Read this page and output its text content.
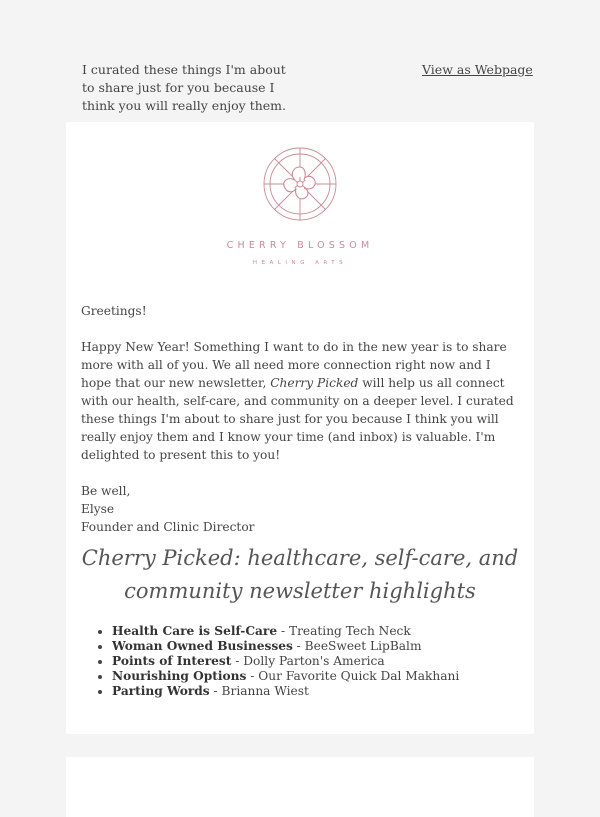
I curated these things I'm about to share just for you because I think you will really enjoy them.
View as Webpage
CHERRY BLOSSOM
HEALING ARTS

Greetings!

Happy New Year! Something I want to do in the new year is to share more with all of you. We all need more connection right now and I hope that our new newsletter, Cherry Picked will help us all connect with our health, self-care, and community on a deeper level. I curated these things I'm about to share just for you because I think you will really enjoy them and I know your time (and inbox) is valuable. I'm delighted to present this to you!

Be well,
Elyse
Founder and Clinic Director
Cherry Picked: healthcare, self-care, and community newsletter highlights
• Health Care is Self-Care - Treating Tech Neck
• Woman Owned Businesses - BeeSweet LipBalm
• Points of Interest - Dolly Parton's America
• Nourishing Options - Our Favorite Quick Dal Makhani
• Parting Words - Brianna Wiest
